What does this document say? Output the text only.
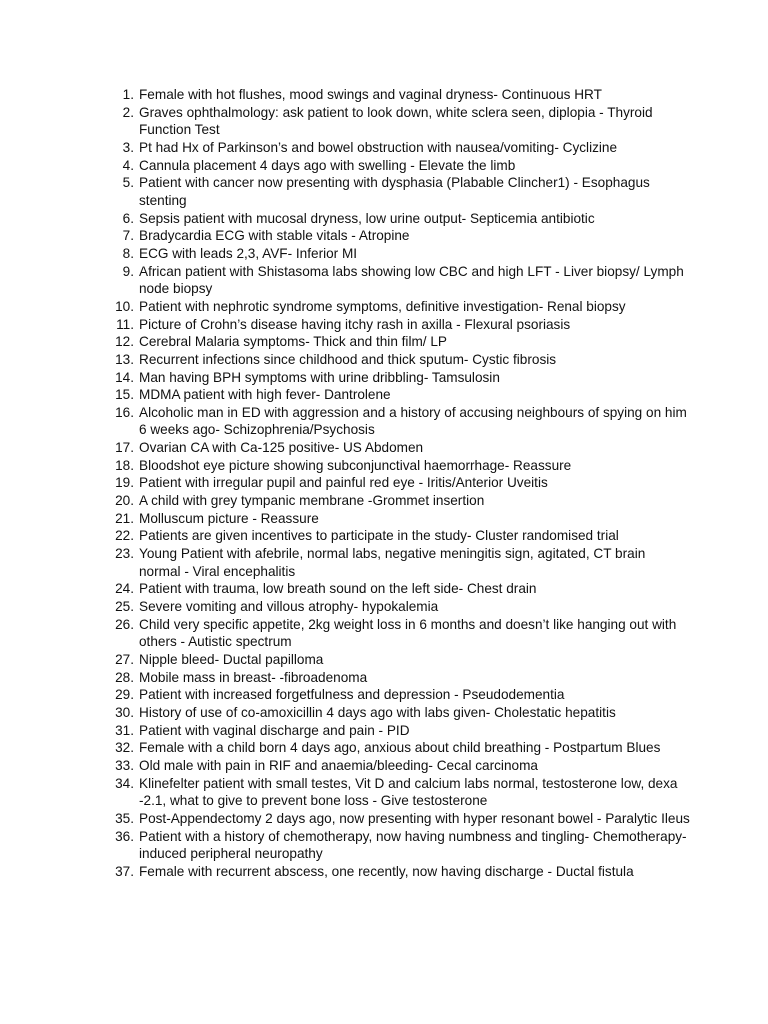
1. Female with hot flushes, mood swings and vaginal dryness- Continuous HRT
2. Graves ophthalmology: ask patient to look down, white sclera seen, diplopia - Thyroid Function Test
3. Pt had Hx of Parkinson’s and bowel obstruction with nausea/vomiting- Cyclizine
4. Cannula placement 4 days ago with swelling - Elevate the limb
5. Patient with cancer now presenting with dysphasia (Plabable Clincher1) - Esophagus stenting
6. Sepsis patient with mucosal dryness, low urine output- Septicemia antibiotic
7. Bradycardia ECG with stable vitals - Atropine
8. ECG with leads 2,3, AVF- Inferior MI
9. African patient with Shistasoma labs showing low CBC and high LFT - Liver biopsy/ Lymph node biopsy
10. Patient with nephrotic syndrome symptoms, definitive investigation- Renal biopsy
11. Picture of Crohn’s disease having itchy rash in axilla - Flexural psoriasis
12. Cerebral Malaria symptoms- Thick and thin film/ LP
13. Recurrent infections since childhood and thick sputum- Cystic fibrosis
14. Man having BPH symptoms with urine dribbling- Tamsulosin
15. MDMA patient with high fever- Dantrolene
16. Alcoholic man in ED with aggression and a history of accusing neighbours of spying on him 6 weeks ago- Schizophrenia/Psychosis
17. Ovarian CA with Ca-125 positive- US Abdomen
18. Bloodshot eye picture showing subconjunctival haemorrhage- Reassure
19. Patient with irregular pupil and painful red eye - Iritis/Anterior Uveitis
20. A child with grey tympanic membrane -Grommet insertion
21. Molluscum picture - Reassure
22. Patients are given incentives to participate in the study- Cluster randomised trial
23. Young Patient with afebrile, normal labs, negative meningitis sign, agitated, CT brain normal - Viral encephalitis
24. Patient with trauma, low breath sound on the left side- Chest drain
25. Severe vomiting and villous atrophy- hypokalemia
26. Child very specific appetite, 2kg weight loss in 6 months and doesn’t like hanging out with others - Autistic spectrum
27. Nipple bleed- Ductal papilloma
28. Mobile mass in breast- -fibroadenoma
29. Patient with increased forgetfulness and depression - Pseudodementia
30. History of use of co-amoxicillin 4 days ago with labs given- Cholestatic hepatitis
31. Patient with vaginal discharge and pain - PID
32. Female with a child born 4 days ago, anxious about child breathing - Postpartum Blues
33. Old male with pain in RIF and anaemia/bleeding- Cecal carcinoma
34. Klinefelter patient with small testes, Vit D and calcium labs normal, testosterone low, dexa -2.1, what to give to prevent bone loss - Give testosterone
35. Post-Appendectomy 2 days ago, now presenting with hyper resonant bowel - Paralytic Ileus
36. Patient with a history of chemotherapy, now having numbness and tingling- Chemotherapy-induced peripheral neuropathy
37. Female with recurrent abscess, one recently, now having discharge - Ductal fistula
